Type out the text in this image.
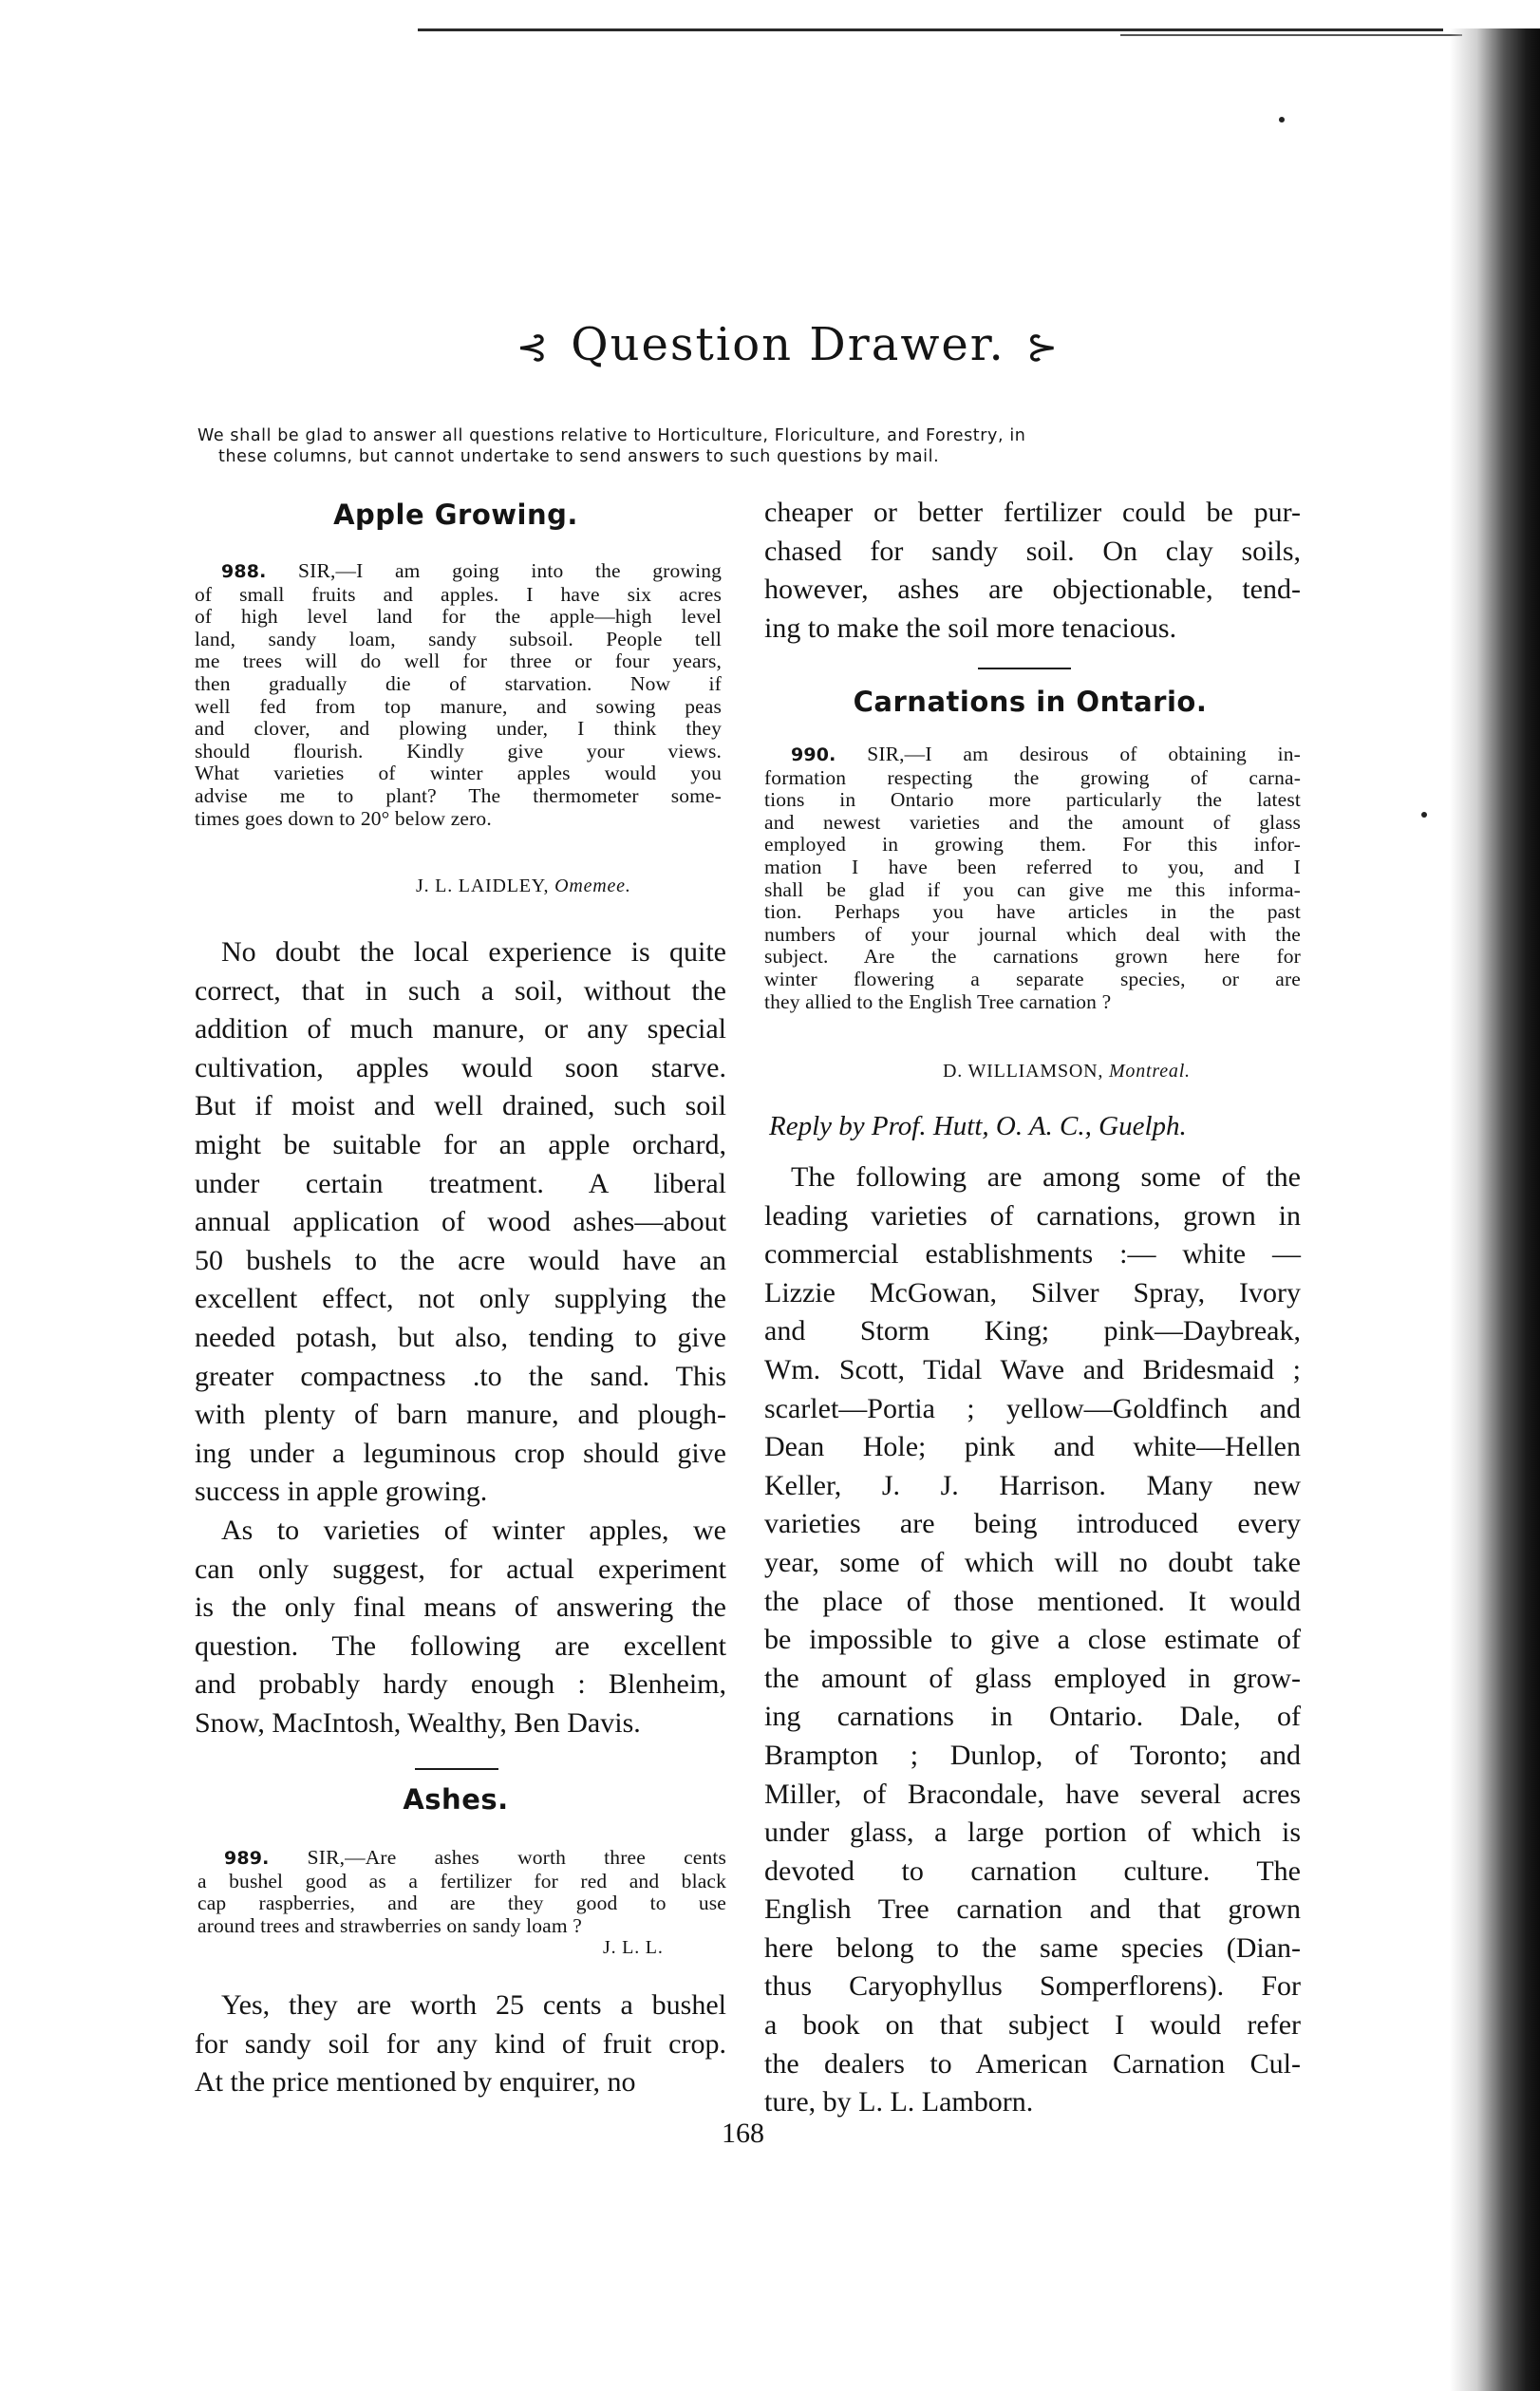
⊰ Question Drawer. ⊱
We shall be glad to answer all questions relative to Horticulture, Floriculture, and Forestry, in
these columns, but cannot undertake to send answers to such questions by mail.
Apple Growing.
988. SIR,—I am going into the growing
of small fruits and apples. I have six acres
of high level land for the apple—high level
land, sandy loam, sandy subsoil. People tell
me trees will do well for three or four years,
then gradually die of starvation. Now if
well fed from top manure, and sowing peas
and clover, and plowing under, I think they
should flourish. Kindly give your views.
What varieties of winter apples would you
advise me to plant? The thermometer some-
times goes down to 20° below zero.
J. L. LAIDLEY, Omemee.
No doubt the local experience is quite
correct, that in such a soil, without the
addition of much manure, or any special
cultivation, apples would soon starve.
But if moist and well drained, such soil
might be suitable for an apple orchard,
under certain treatment. A liberal
annual application of wood ashes—about
50 bushels to the acre would have an
excellent effect, not only supplying the
needed potash, but also, tending to give
greater compactness .to the sand. This
with plenty of barn manure, and plough-
ing under a leguminous crop should give
success in apple growing.
As to varieties of winter apples, we
can only suggest, for actual experiment
is the only final means of answering the
question. The following are excellent
and probably hardy enough : Blenheim,
Snow, MacIntosh, Wealthy, Ben Davis.
Ashes.
989. SIR,—Are ashes worth three cents
a bushel good as a fertilizer for red and black
cap raspberries, and are they good to use
around trees and strawberries on sandy loam ?
J. L. L.
Yes, they are worth 25 cents a bushel
for sandy soil for any kind of fruit crop.
At the price mentioned by enquirer, no
cheaper or better fertilizer could be pur-
chased for sandy soil. On clay soils,
however, ashes are objectionable, tend-
ing to make the soil more tenacious.
Carnations in Ontario.
990. SIR,—I am desirous of obtaining in-
formation respecting the growing of carna-
tions in Ontario more particularly the latest
and newest varieties and the amount of glass
employed in growing them. For this infor-
mation I have been referred to you, and I
shall be glad if you can give me this informa-
tion. Perhaps you have articles in the past
numbers of your journal which deal with the
subject. Are the carnations grown here for
winter flowering a separate species, or are
they allied to the English Tree carnation ?
D. WILLIAMSON, Montreal.
Reply by Prof. Hutt, O. A. C., Guelph.
The following are among some of the
leading varieties of carnations, grown in
commercial establishments :— white —
Lizzie McGowan, Silver Spray, Ivory
and Storm King; pink—Daybreak,
Wm. Scott, Tidal Wave and Bridesmaid ;
scarlet—Portia ; yellow—Goldfinch and
Dean Hole; pink and white—Hellen
Keller, J. J. Harrison. Many new
varieties are being introduced every
year, some of which will no doubt take
the place of those mentioned. It would
be impossible to give a close estimate of
the amount of glass employed in grow-
ing carnations in Ontario. Dale, of
Brampton ; Dunlop, of Toronto; and
Miller, of Bracondale, have several acres
under glass, a large portion of which is
devoted to carnation culture. The
English Tree carnation and that grown
here belong to the same species (Dian-
thus Caryophyllus Somperflorens). For
a book on that subject I would refer
the dealers to American Carnation Cul-
ture, by L. L. Lamborn.
168
